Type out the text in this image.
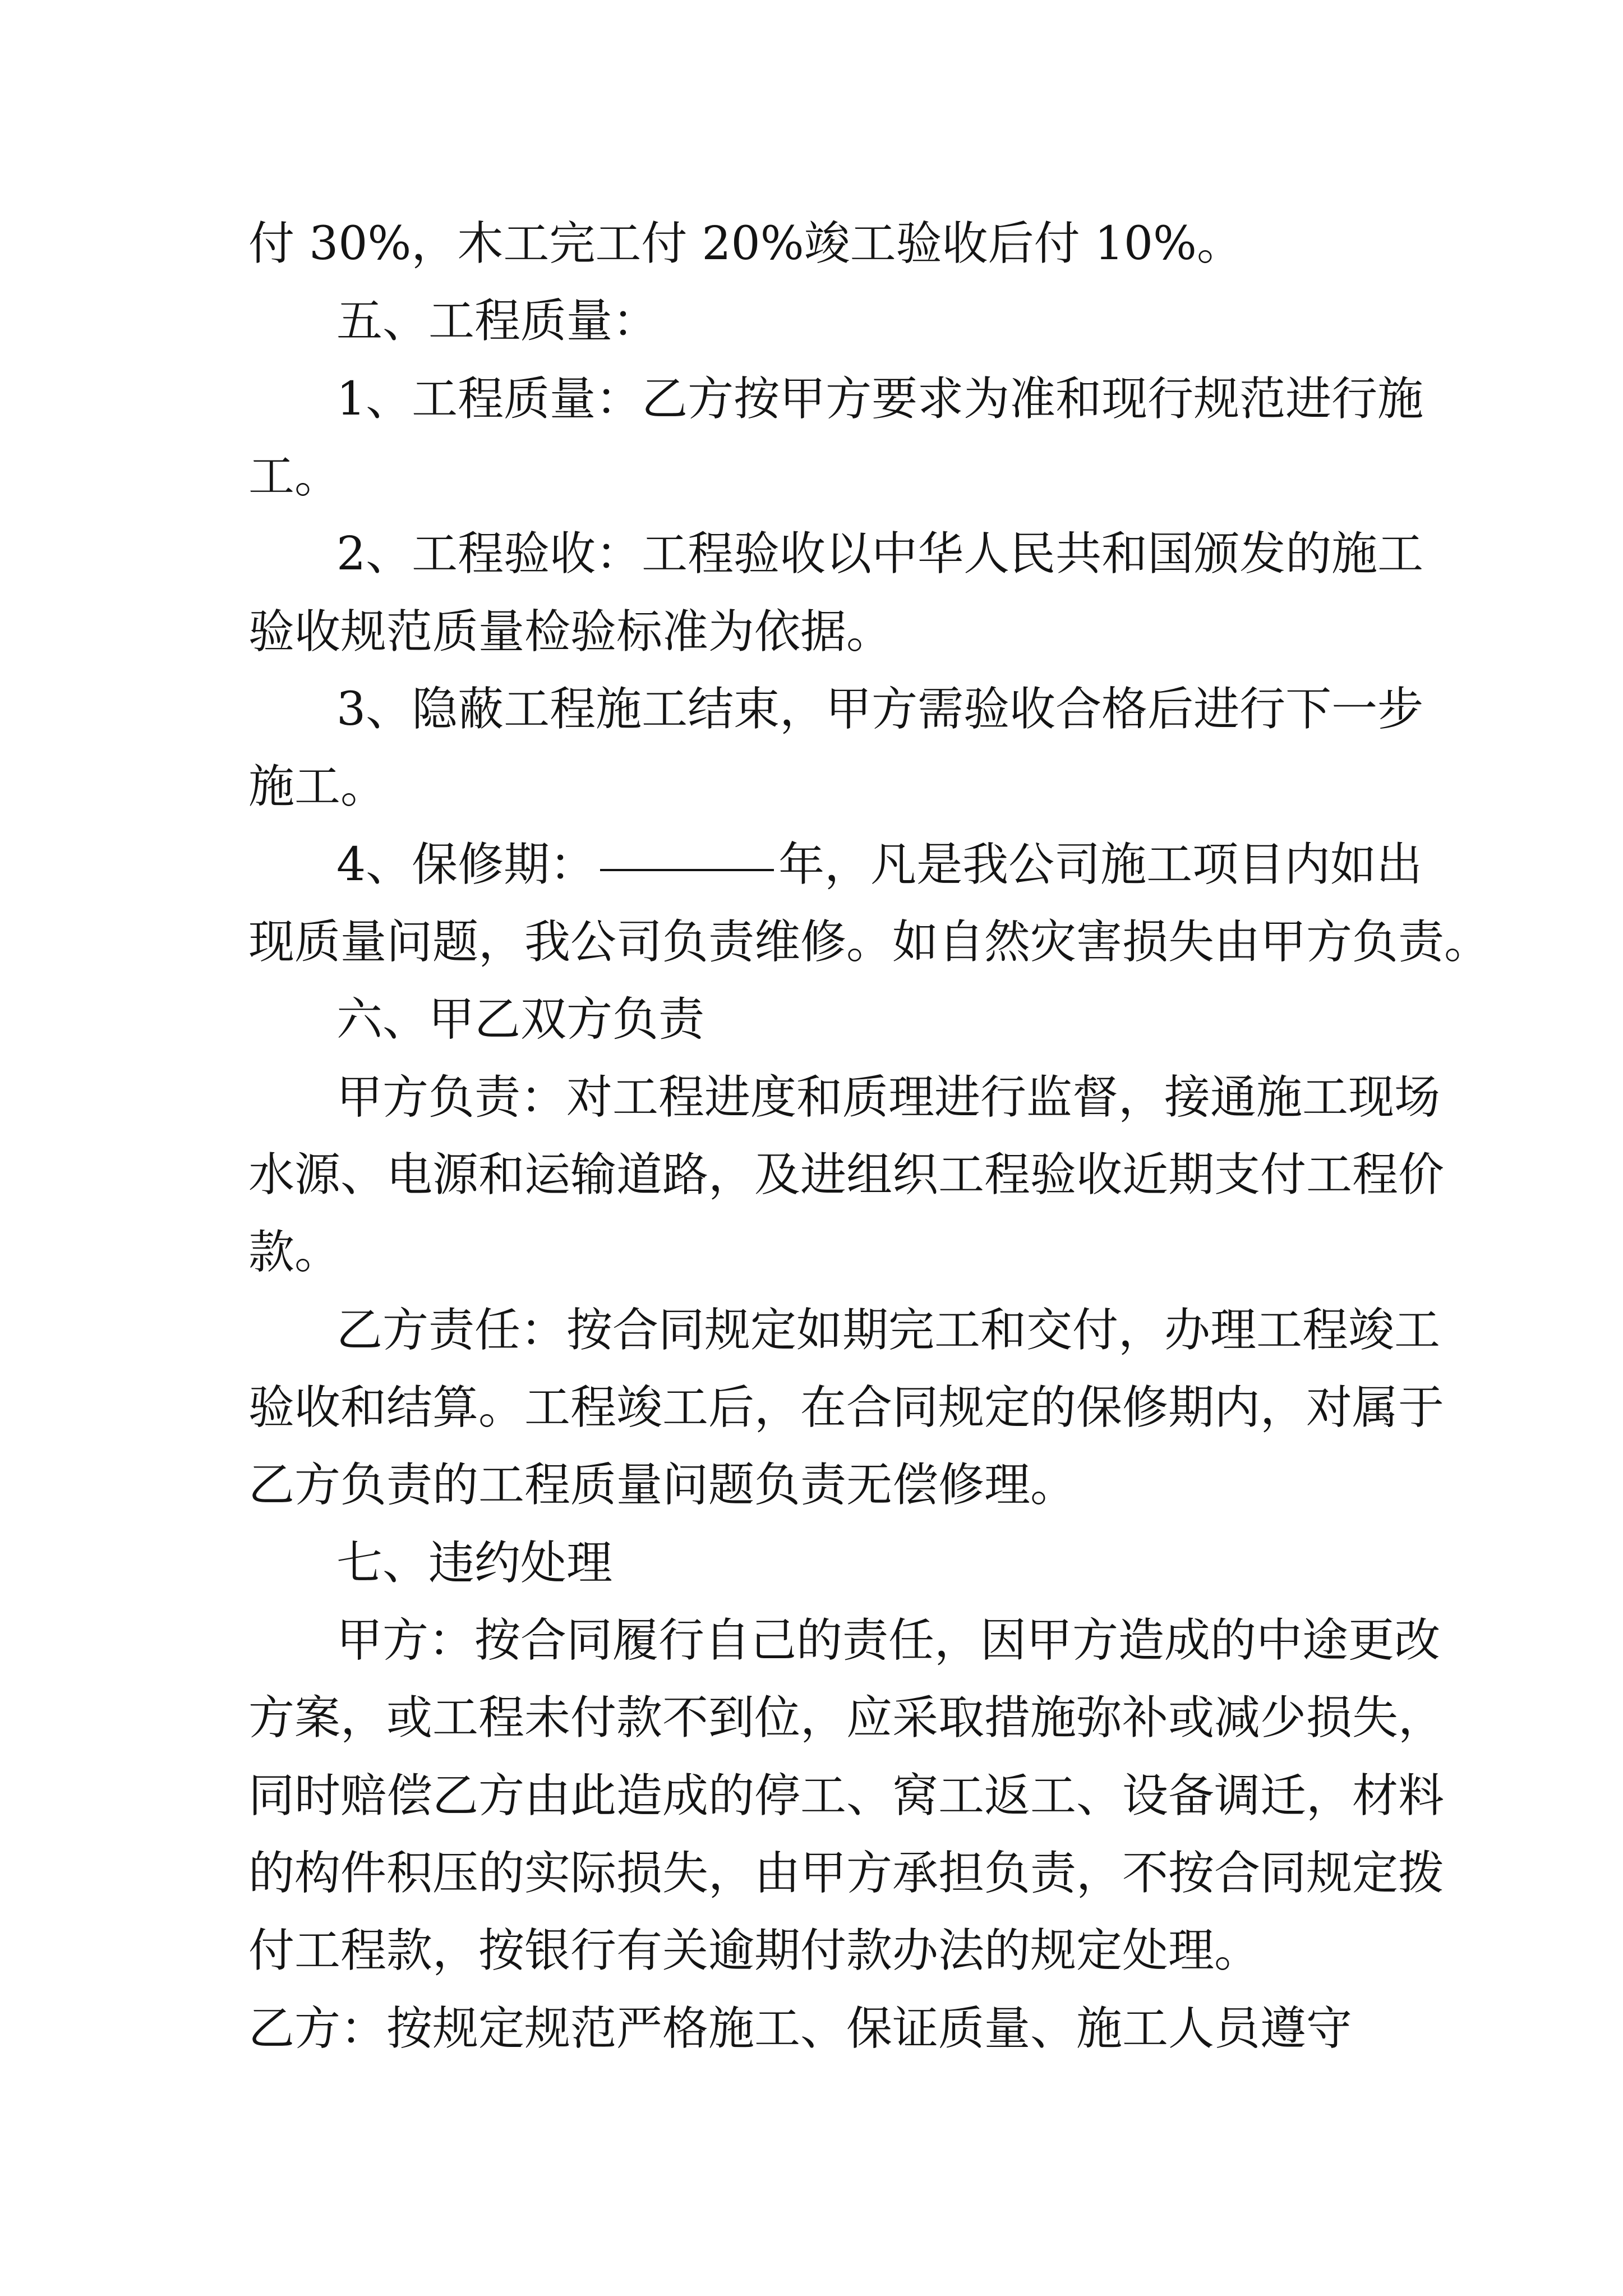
付 30%，木工完工付 20%竣工验收后付 10%。

五、工程质量：

1、工程质量：乙方按甲方要求为准和现行规范进行施

工。

2、工程验收：工程验收以中华人民共和国颁发的施工

验收规范质量检验标准为依据。

3、隐蔽工程施工结束，甲方需验收合格后进行下一步

施工。

4、保修期：	年，凡是我公司施工项目内如出

现质量问题，我公司负责维修。如自然灾害损失由甲方负责。

六、甲乙双方负责

甲方负责：对工程进度和质理进行监督，接通施工现场

水源、电源和运输道路，及进组织工程验收近期支付工程价

款。

乙方责任：按合同规定如期完工和交付，办理工程竣工

验收和结算。工程竣工后，在合同规定的保修期内，对属于

乙方负责的工程质量问题负责无偿修理。

七、违约处理

甲方：按合同履行自己的责任，因甲方造成的中途更改

方案，或工程未付款不到位，应采取措施弥补或减少损失，

同时赔偿乙方由此造成的停工、窝工返工、设备调迁，材料

的构件积压的实际损失，由甲方承担负责，不按合同规定拨

付工程款，按银行有关逾期付款办法的规定处理。

乙方：按规定规范严格施工、保证质量、施工人员遵守
